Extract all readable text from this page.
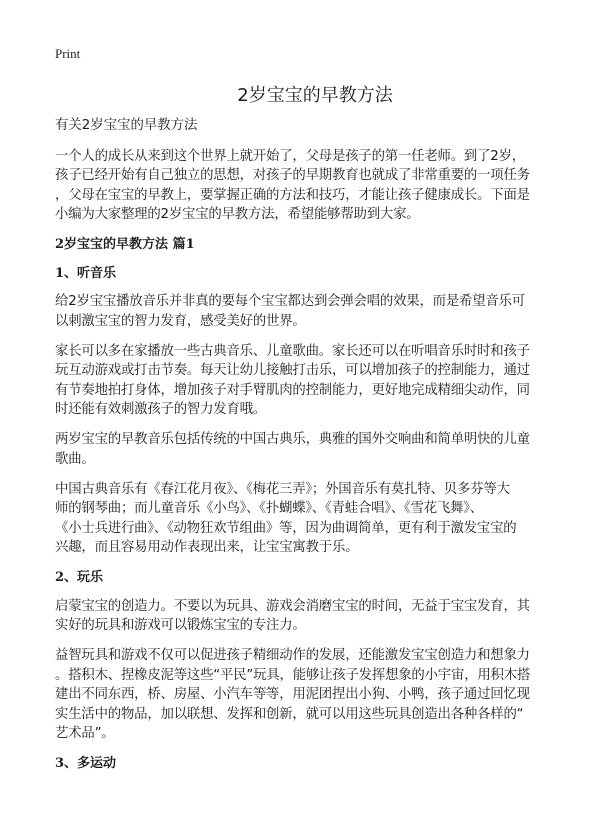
Print
2岁宝宝的早教方法
有关2岁宝宝的早教方法
一个人的成长从来到这个世界上就开始了，父母是孩子的第一任老师。到了2岁，
孩子已经开始有自己独立的思想，对孩子的早期教育也就成了非常重要的一项任务
，父母在宝宝的早教上，要掌握正确的方法和技巧，才能让孩子健康成长。下面是
小编为大家整理的2岁宝宝的早教方法，希望能够帮助到大家。
2岁宝宝的早教方法 篇1
1、听音乐
给2岁宝宝播放音乐并非真的要每个宝宝都达到会弹会唱的效果，而是希望音乐可
以刺激宝宝的智力发育，感受美好的世界。
家长可以多在家播放一些古典音乐、儿童歌曲。家长还可以在听唱音乐时时和孩子
玩互动游戏或打击节奏。每天让幼儿接触打击乐，可以增加孩子的控制能力，通过
有节奏地拍打身体，增加孩子对手臂肌肉的控制能力，更好地完成精细尖动作，同
时还能有效刺激孩子的智力发育哦。
两岁宝宝的早教音乐包括传统的中国古典乐，典雅的国外交响曲和简单明快的儿童
歌曲。
中国古典音乐有《春江花月夜》、《梅花三弄》；外国音乐有莫扎特、贝多芬等大
师的钢琴曲；而儿童音乐《小鸟》、《扑蝴蝶》、《青蛙合唱》、《雪花飞舞》、
《小士兵进行曲》、《动物狂欢节组曲》等，因为曲调简单，更有利于激发宝宝的
兴趣，而且容易用动作表现出来，让宝宝寓教于乐。
2、玩乐
启蒙宝宝的创造力。不要以为玩具、游戏会消磨宝宝的时间，无益于宝宝发育，其
实好的玩具和游戏可以锻炼宝宝的专注力。
益智玩具和游戏不仅可以促进孩子精细动作的发展，还能激发宝宝创造力和想象力
。搭积木、捏橡皮泥等这些“平民”玩具，能够让孩子发挥想象的小宇宙，用积木搭
建出不同东西，桥、房屋、小汽车等等，用泥团捏出小狗、小鸭，孩子通过回忆现
实生活中的物品，加以联想、发挥和创新，就可以用这些玩具创造出各种各样的“
艺术品”。
3、多运动
